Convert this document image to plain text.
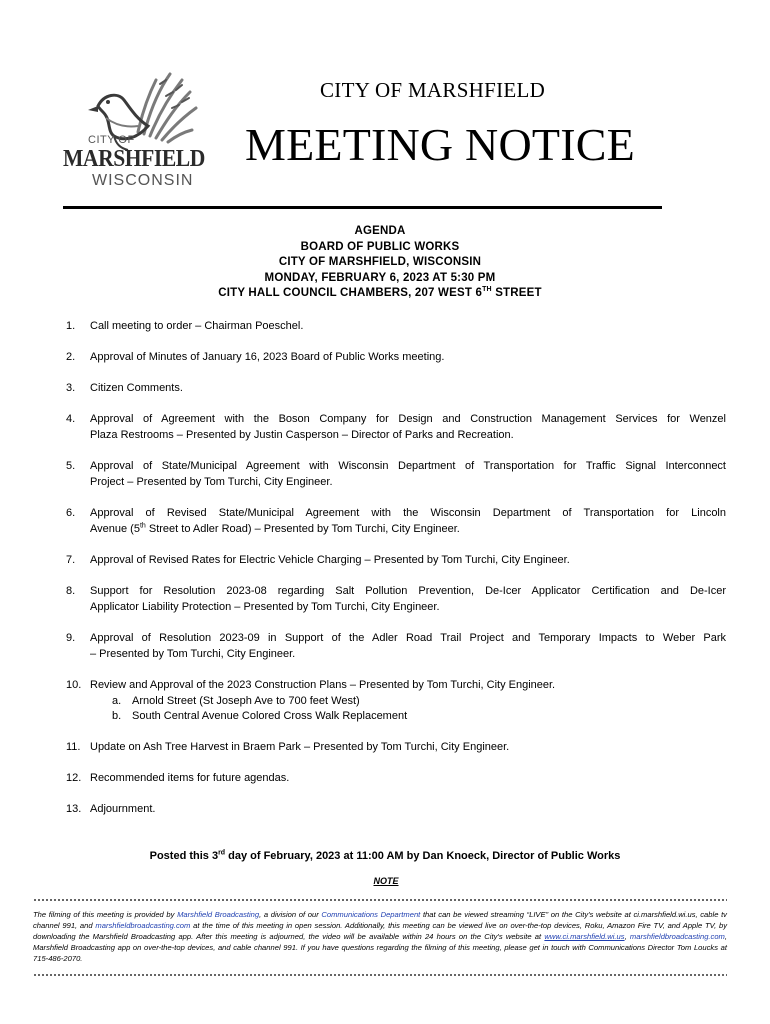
CITY OF
MARSHFIELD
WISCONSIN
CITY OF MARSHFIELD
MEETING NOTICE
AGENDA
BOARD OF PUBLIC WORKS
CITY OF MARSHFIELD, WISCONSIN
MONDAY, FEBRUARY 6, 2023 AT 5:30 PM
CITY HALL COUNCIL CHAMBERS, 207 WEST 6TH STREET
1. Call meeting to order – Chairman Poeschel.
2. Approval of Minutes of January 16, 2023 Board of Public Works meeting.
3. Citizen Comments.
4. Approval of Agreement with the Boson Company for Design and Construction Management Services for Wenzel
Plaza Restrooms – Presented by Justin Casperson – Director of Parks and Recreation.
5. Approval of State/Municipal Agreement with Wisconsin Department of Transportation for Traffic Signal Interconnect
Project – Presented by Tom Turchi, City Engineer.
6. Approval of Revised State/Municipal Agreement with the Wisconsin Department of Transportation for Lincoln
Avenue (5th Street to Adler Road) – Presented by Tom Turchi, City Engineer.
7. Approval of Revised Rates for Electric Vehicle Charging – Presented by Tom Turchi, City Engineer.
8. Support for Resolution 2023-08 regarding Salt Pollution Prevention, De-Icer Applicator Certification and De-Icer
Applicator Liability Protection – Presented by Tom Turchi, City Engineer.
9. Approval of Resolution 2023-09 in Support of the Adler Road Trail Project and Temporary Impacts to Weber Park
– Presented by Tom Turchi, City Engineer.
10. Review and Approval of the 2023 Construction Plans – Presented by Tom Turchi, City Engineer.
a. Arnold Street (St Joseph Ave to 700 feet West)
b. South Central Avenue Colored Cross Walk Replacement
11. Update on Ash Tree Harvest in Braem Park – Presented by Tom Turchi, City Engineer.
12. Recommended items for future agendas.
13. Adjournment.
Posted this 3rd day of February, 2023 at 11:00 AM by Dan Knoeck, Director of Public Works
NOTE
The filming of this meeting is provided by Marshfield Broadcasting, a division of our Communications Department that can be viewed streaming “LIVE” on the City's website at ci.marshfield.wi.us, cable tv channel 991, and marshfieldbroadcasting.com at the time of this meeting in open session. Additionally, this meeting can be viewed live on over-the-top devices, Roku, Amazon Fire TV, and Apple TV, by downloading the Marshfield Broadcasting app. After this meeting is adjourned, the video will be available within 24 hours on the City's website at www.ci.marshfield.wi.us, marshfieldbroadcasting.com, Marshfield Broadcasting app on over-the-top devices, and cable channel 991. If you have questions regarding the filming of this meeting, please get in touch with Communications Director Tom Loucks at 715-486-2070.
